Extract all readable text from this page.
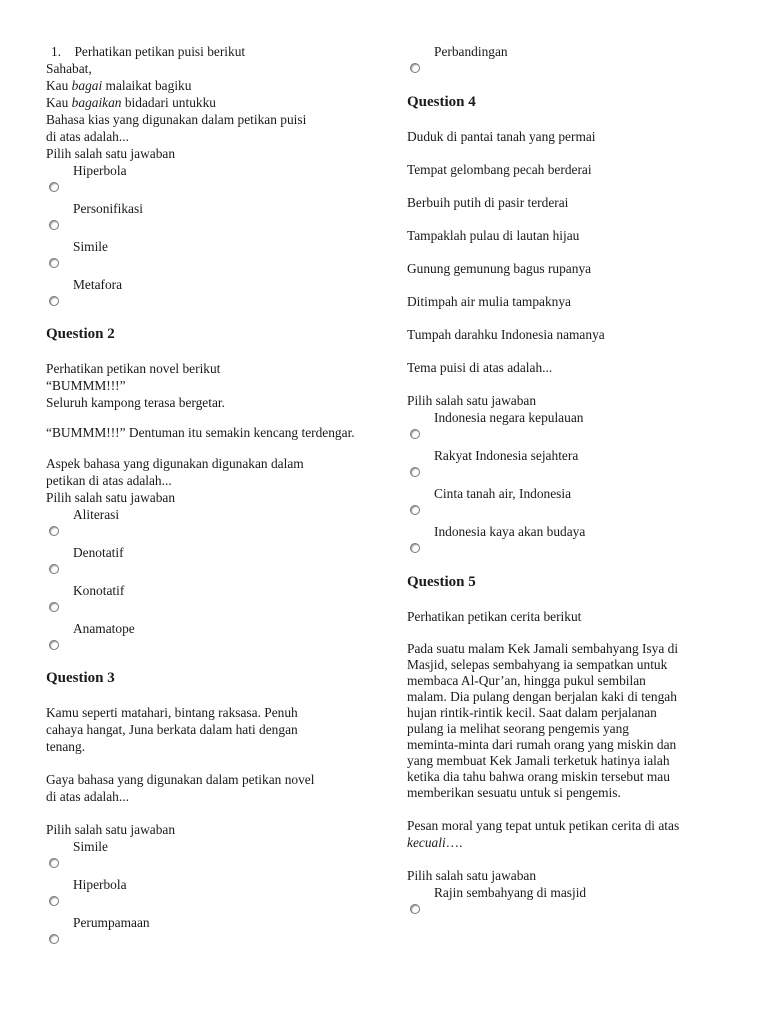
1. Perhatikan petikan puisi berikut

Sahabat,

Kau bagai malaikat bagiku

Kau bagaikan bidadari untukku

Bahasa kias yang digunakan dalam petikan puisi

di atas adalah...

Pilih salah satu jawaban

Hiperbola

Personifikasi

Simile

Metafora

Question 2

Perhatikan petikan novel berikut

“BUMMM!!!”

Seluruh kampong terasa bergetar.

“BUMMM!!!” Dentuman itu semakin kencang terdengar.

Aspek bahasa yang digunakan digunakan dalam

petikan di atas adalah...

Pilih salah satu jawaban

Aliterasi

Denotatif

Konotatif

Anamatope

Question 3

Kamu seperti matahari, bintang raksasa. Penuh

cahaya hangat, Juna berkata dalam hati dengan

tenang.

Gaya bahasa yang digunakan dalam petikan novel

di atas adalah...

Pilih salah satu jawaban

Simile

Hiperbola

Perumpamaan

Perbandingan

Question 4

Duduk di pantai tanah yang permai

Tempat gelombang pecah berderai

Berbuih putih di pasir terderai

Tampaklah pulau di lautan hijau

Gunung gemunung bagus rupanya

Ditimpah air mulia tampaknya

Tumpah darahku Indonesia namanya

Tema puisi di atas adalah...

Pilih salah satu jawaban

Indonesia negara kepulauan

Rakyat Indonesia sejahtera

Cinta tanah air, Indonesia

Indonesia kaya akan budaya

Question 5

Perhatikan petikan cerita berikut

Pada suatu malam Kek Jamali sembahyang Isya di

Masjid, selepas sembahyang ia sempatkan untuk

membaca Al-Qur’an, hingga pukul sembilan

malam. Dia pulang dengan berjalan kaki di tengah

hujan rintik-rintik kecil. Saat dalam perjalanan

pulang ia melihat seorang pengemis yang

meminta-minta dari rumah orang yang miskin dan

yang membuat Kek Jamali terketuk hatinya ialah

ketika dia tahu bahwa orang miskin tersebut mau

memberikan sesuatu untuk si pengemis.

Pesan moral yang tepat untuk petikan cerita di atas

kecuali….

Pilih salah satu jawaban

Rajin sembahyang di masjid
